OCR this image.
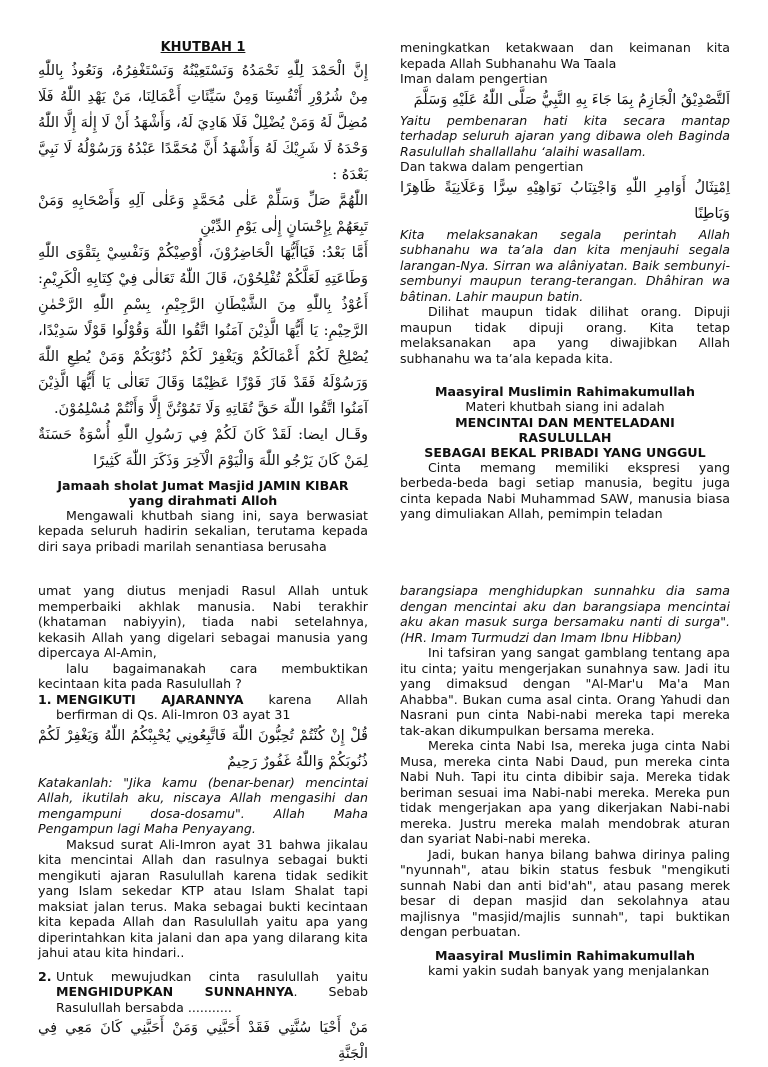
KHUTBAH 1

إِنَّ الْحَمْدَ لِلّٰهِ نَحْمَدُهُ وَنَسْتَعِيْنُهُ وَنَسْتَغْفِرُهُ، وَنَعُوذُ بِاللّٰهِ مِنْ شُرُوْرِ أَنْفُسِنَا وَمِنْ سَيِّئَاتِ أَعْمَالِنَا، مَنْ يَهْدِ اللّٰهُ فَلَا مُضِلَّ لَهُ وَمَنْ يُضْلِلْ فَلَا هَادِيَ لَهُ، وَأَشْهَدُ أَنْ لَا إِلٰهَ إِلَّا اللّٰهُ وَحْدَهُ لَا شَرِيْكَ لَهُ وَأَشْهَدُ أَنَّ مُحَمَّدًا عَبْدُهُ وَرَسُوْلُهُ لَا نَبِيَّ بَعْدَهُ :

اللّٰهُمَّ صَلِّ وَسَلِّمْ عَلٰى مُحَمَّدٍ وَعَلٰى آلِهِ وَأَصْحَابِهِ وَمَنْ تَبِعَهُمْ بِإِحْسَانٍ إِلٰى يَوْمِ الدِّيْنِ

أَمَّا بَعْدُ: فَيَاأَيُّهَا الْحَاضِرُوْنَ، أُوْصِيْكُمْ وَنَفْسِيْ بِتَقْوَى اللّٰهِ وَطَاعَتِهِ لَعَلَّكُمْ تُفْلِحُوْنَ، قَالَ اللّٰهُ تَعَالٰى فِيْ كِتَابِهِ الْكَرِيْمِ: أَعُوْذُ بِاللّٰهِ مِنَ الشَّيْطَانِ الرَّجِيْمِ، بِسْمِ اللّٰهِ الرَّحْمٰنِ الرَّحِيْمِ: يَا أَيُّهَا الَّذِيْنَ آمَنُوا اتَّقُوا اللّٰهَ وَقُوْلُوا قَوْلًا سَدِيْدًا، يُصْلِحْ لَكُمْ أَعْمَالَكُمْ وَيَغْفِرْ لَكُمْ ذُنُوْبَكُمْ وَمَنْ يُطِعِ اللّٰهَ وَرَسُوْلَهُ فَقَدْ فَازَ فَوْزًا عَظِيْمًا وَقَالَ تَعَالٰى يَا أَيُّهَا الَّذِيْنَ آمَنُوا اتَّقُوا اللّٰهَ حَقَّ تُقَاتِهِ وَلَا تَمُوْتُنَّ إِلَّا وَأَنْتُمْ مُسْلِمُوْنَ.

وقَـال ايضا: لَقَدْ كَانَ لَكُمْ فِي رَسُولِ اللّٰهِ أُسْوَةٌ حَسَنَةٌ لِمَنْ كَانَ يَرْجُو اللّٰهَ وَالْيَوْمَ الْآخِرَ وَذَكَرَ اللّٰهَ كَثِيرًا

Jamaah sholat Jumat Masjid JAMIN KIBAR yang dirahmati Alloh

Mengawali khutbah siang ini, saya berwasiat kepada seluruh hadirin sekalian, terutama kepada diri saya pribadi marilah senantiasa berusaha

meningkatkan ketakwaan dan keimanan kita kepada Allah Subhanahu Wa Taala

Iman dalam pengertian

اَلتَّصْدِيْقُ الْجَازِمُ بِمَا جَاءَ بِهِ النَّبِيُّ صَلَّى اللّٰهُ عَلَيْهِ وَسَلَّمَ

Yaitu pembenaran hati kita secara mantap terhadap seluruh ajaran yang dibawa oleh Baginda Rasulullah shallallahu ‘alaihi wasallam.

Dan takwa dalam pengertian

اِمْتِثَالُ أَوَامِرِ اللّٰهِ وَاجْتِنَابُ نَوَاهِيْهِ سِرًّا وَعَلَانِيَةً ظَاهِرًا وَبَاطِنًا

Kita melaksanakan segala perintah Allah subhanahu wa ta’ala dan kita menjauhi segala larangan-Nya. Sirran wa alâniyatan. Baik sembunyi-sembunyi maupun terang-terangan. Dhâhiran wa bâtinan. Lahir maupun batin.

Dilihat maupun tidak dilihat orang. Dipuji maupun tidak dipuji orang. Kita tetap melaksanakan apa yang diwajibkan Allah subhanahu wa ta’ala kepada kita.

Maasyiral Muslimin Rahimakumullah

Materi khutbah siang ini adalah

MENCINTAI DAN MENTELADANI

RASULULLAH

SEBAGAI BEKAL PRIBADI YANG UNGGUL

Cinta memang memiliki ekspresi yang berbeda-beda bagi setiap manusia, begitu juga cinta kepada Nabi Muhammad SAW, manusia biasa yang dimuliakan Allah, pemimpin teladan

umat yang diutus menjadi Rasul Allah untuk memperbaiki akhlak manusia. Nabi terakhir (khataman nabiyyin), tiada nabi setelahnya, kekasih Allah yang digelari sebagai manusia yang dipercaya Al-Amin,

lalu bagaimanakah cara membuktikan kecintaan kita pada Rasulullah ?

1. MENGIKUTI AJARANNYA karena Allah berfirman di Qs. Ali-Imron 03 ayat 31

قُلْ إِنْ كُنْتُمْ تُحِبُّونَ اللّٰهَ فَاتَّبِعُونِي يُحْبِبْكُمُ اللّٰهُ وَيَغْفِرْ لَكُمْ ذُنُوبَكُمْ وَاللّٰهُ غَفُورٌ رَحِيمٌ

Katakanlah: "Jika kamu (benar-benar) mencintai Allah, ikutilah aku, niscaya Allah mengasihi dan mengampuni dosa-dosamu". Allah Maha Pengampun lagi Maha Penyayang.

Maksud surat Ali-Imron ayat 31 bahwa jikalau kita mencintai Allah dan rasulnya sebagai bukti mengikuti ajaran Rasulullah karena tidak sedikit yang Islam sekedar KTP atau Islam Shalat tapi maksiat jalan terus. Maka sebagai bukti kecintaan kita kepada Allah dan Rasulullah yaitu apa yang diperintahkan kita jalani dan apa yang dilarang kita jahui atau kita hindari..

2. Untuk mewujudkan cinta rasulullah yaitu MENGHIDUPKAN SUNNAHNYA. Sebab Rasulullah bersabda ...........

مَنْ أَحْيَا سُنَّتِي فَقَدْ أَحَبَّنِي وَمَنْ أَحَبَّنِي كَانَ مَعِي فِي الْجَنَّةِ

barangsiapa menghidupkan sunnahku dia sama dengan mencintai aku dan barangsiapa mencintai aku akan masuk surga bersamaku nanti di surga". (HR. Imam Turmudzi dan Imam Ibnu Hibban)

Ini tafsiran yang sangat gamblang tentang apa itu cinta; yaitu mengerjakan sunahnya saw. Jadi itu yang dimaksud dengan "Al-Mar'u Ma'a Man Ahabba". Bukan cuma asal cinta. Orang Yahudi dan Nasrani pun cinta Nabi-nabi mereka tapi mereka tak-akan dikumpulkan bersama mereka.

Mereka cinta Nabi Isa, mereka juga cinta Nabi Musa, mereka cinta Nabi Daud, pun mereka cinta Nabi Nuh. Tapi itu cinta dibibir saja. Mereka tidak beriman sesuai ima Nabi-nabi mereka. Mereka pun tidak mengerjakan apa yang dikerjakan Nabi-nabi mereka. Justru mereka malah mendobrak aturan dan syariat Nabi-nabi mereka.

Jadi, bukan hanya bilang bahwa dirinya paling "nyunnah", atau bikin status fesbuk "mengikuti sunnah Nabi dan anti bid'ah", atau pasang merek besar di depan masjid dan sekolahnya atau majlisnya "masjid/majlis sunnah", tapi buktikan dengan perbuatan.

Maasyiral Muslimin Rahimakumullah

kami yakin sudah banyak yang menjalankan
